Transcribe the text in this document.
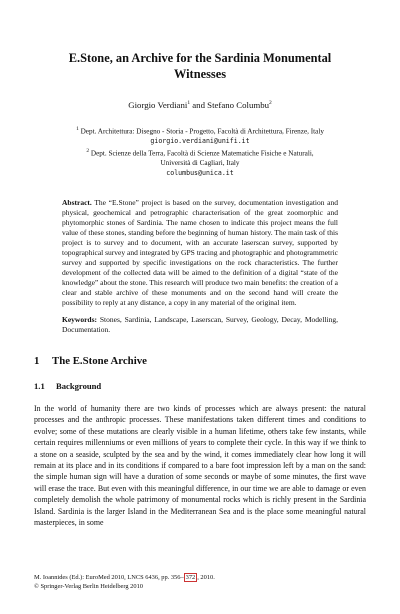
E.Stone, an Archive for the Sardinia Monumental
Witnesses
Giorgio Verdiani$^1$ and Stefano Columbu$^2$
$^1$ Dept. Architettura: Disegno - Storia - Progetto, Facoltà di Architettura, Firenze, Italy
giorgio.verdiani@unifi.it
$^2$ Dept. Scienze della Terra, Facoltà di Scienze Matematiche Fisiche e Naturali,
Università di Cagliari, Italy
columbus@unica.it
Abstract. The “E.Stone” project is based on the survey, documentation investigation and physical, geochemical and petrographic characterisation of the great zoomorphic and phytomorphic stones of Sardinia. The name chosen to indicate this project means the full value of these stones, standing before the beginning of human history. The main task of this project is to survey and to document, with an accurate laserscan survey, supported by topographical survey and integrated by GPS tracing and photographic and photogrammetric survey and supported by specific investigations on the rock characteristics. The further development of the collected data will be aimed to the definition of a digital “state of the knowledge” about the stone. This research will produce two main benefits: the creation of a clear and stable archive of these monuments and on the second hand will create the possibility to reply at any distance, a copy in any material of the original item.
Keywords: Stones, Sardinia, Landscape, Laserscan, Survey, Geology, Decay, Modelling, Documentation.
1 The E.Stone Archive
1.1 Background
In the world of humanity there are two kinds of processes which are always present: the natural processes and the anthropic processes. These manifestations taken different times and conditions to evolve; some of these mutations are clearly visible in a human lifetime, others take few instants, while certain requires millenniums or even millions of years to complete their cycle. In this way if we think to a stone on a seaside, sculpted by the sea and by the wind, it comes immediately clear how long it will remain at its place and in its conditions if compared to a bare foot impression left by a man on the sand: the simple human sign will have a duration of some seconds or maybe of some minutes, the first wave will erase the trace. But even with this meaningful difference, in our time we are able to damage or even completely demolish the whole patrimony of monumental rocks which is richly present in the Sardinia Island. Sardinia is the larger Island in the Mediterranean Sea and is the place some meaningful natural masterpieces, in some
M. Ioannides (Ed.): EuroMed 2010, LNCS 6436, pp. 356– 372 , 2010.
© Springer-Verlag Berlin Heidelberg 2010
